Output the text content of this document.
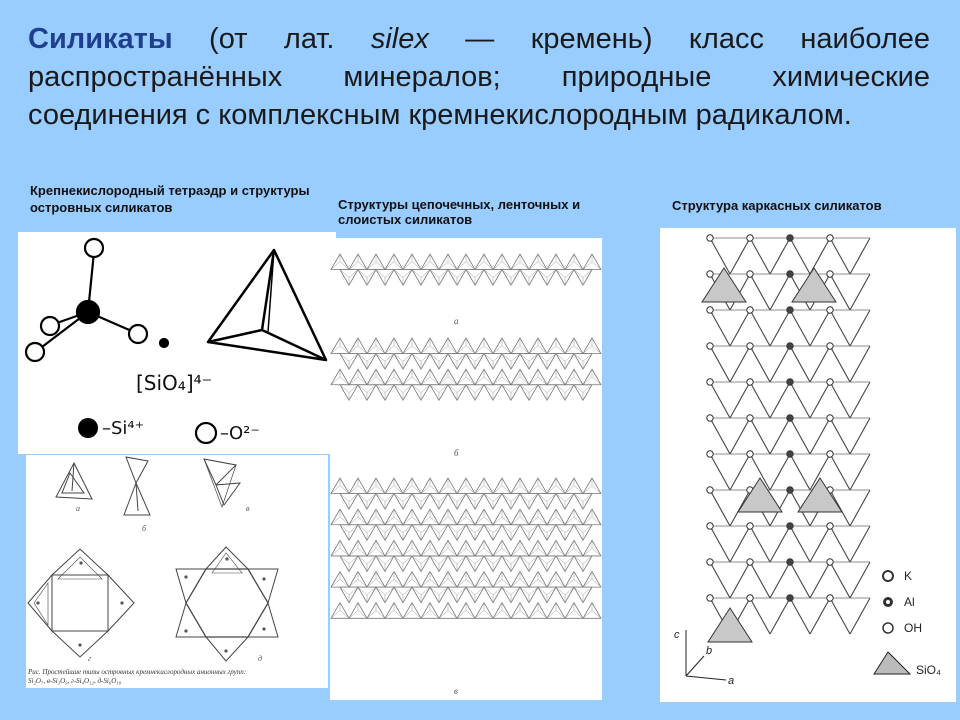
Силикаты (от лат. silex — кремень) класс наиболее распространённых минералов; природные химические соединения с комплексным кремнекислородным радикалом.
Крепнекислородный тетраэдр и структуры островных силикатов	Структуры цепочечных, ленточных и слоистых силикатов
Структура каркасных силикатов
[SiO₄]⁴⁻
–Si⁴⁺	–O²⁻
а
б
в
г	д
Рис. Простейшие типы островных кремнекислородных анионных групп:
Si₂O₇, в-Si₃O₉, г-Si₄O₁₂, д-Si₆O₁₈
а
б
в
K
Al
OH
SiO₄
c
b
a
